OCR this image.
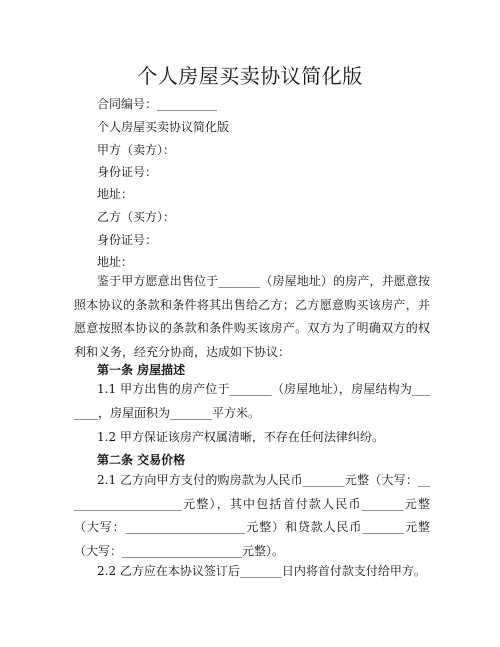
个人房屋买卖协议简化版
合同编号：__________
个人房屋买卖协议简化版
甲方（卖方）：
身份证号：
地址：
乙方（买方）：
身份证号：
地址：
鉴于甲方愿意出售位于_______（房屋地址）的房产，并愿意按照本协议的条款和条件将其出售给乙方；乙方愿意购买该房产，并愿意按照本协议的条款和条件购买该房产。双方为了明确双方的权利和义务，经充分协商，达成如下协议：
第一条 房屋描述
1.1 甲方出售的房产位于_______（房屋地址），房屋结构为_______，房屋面积为_______平方米。
1.2 甲方保证该房产权属清晰，不存在任何法律纠纷。
第二条 交易价格
2.1 乙方向甲方支付的购房款为人民币_______元整（大写：____________________元整），其中包括首付款人民币_______元整（大写：____________________元整）和贷款人民币_______元整（大写：____________________元整）。
2.2 乙方应在本协议签订后_______日内将首付款支付给甲方。
